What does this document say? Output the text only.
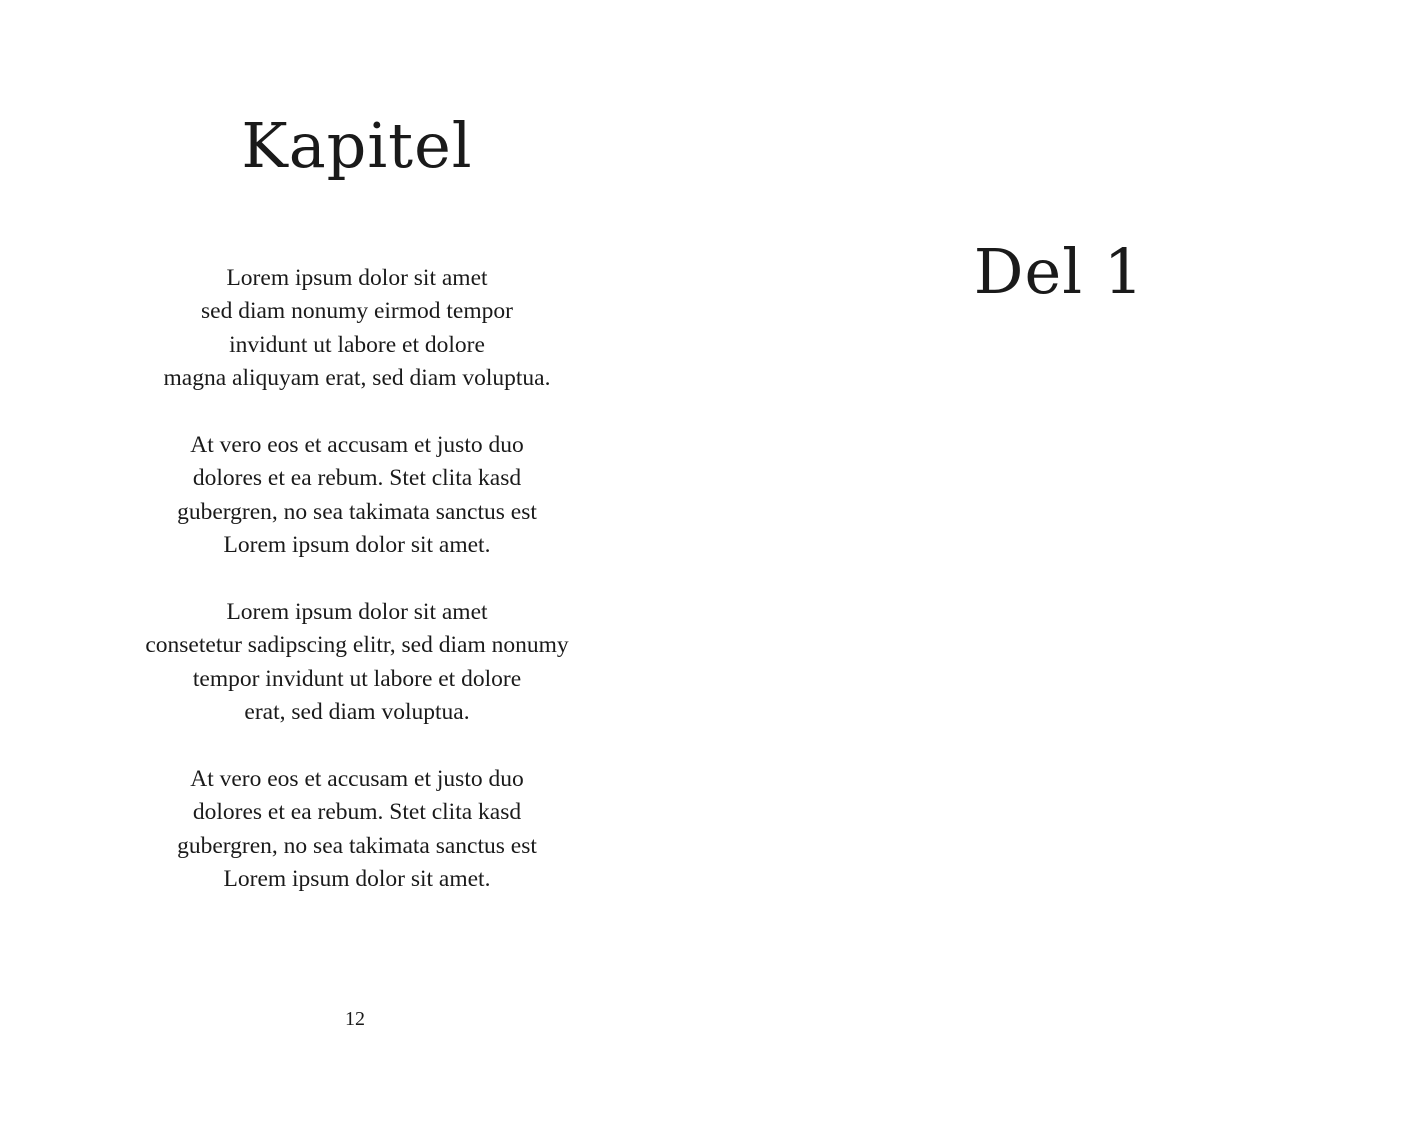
Kapitel

Lorem ipsum dolor sit amet
sed diam nonumy eirmod tempor
invidunt ut labore et dolore
magna aliquyam erat, sed diam voluptua.

At vero eos et accusam et justo duo
dolores et ea rebum. Stet clita kasd
gubergren, no sea takimata sanctus est
Lorem ipsum dolor sit amet.

Lorem ipsum dolor sit amet
consetetur sadipscing elitr, sed diam nonumy
tempor invidunt ut labore et dolore
erat, sed diam voluptua.

At vero eos et accusam et justo duo
dolores et ea rebum. Stet clita kasd
gubergren, no sea takimata sanctus est
Lorem ipsum dolor sit amet.

12
Del 1
